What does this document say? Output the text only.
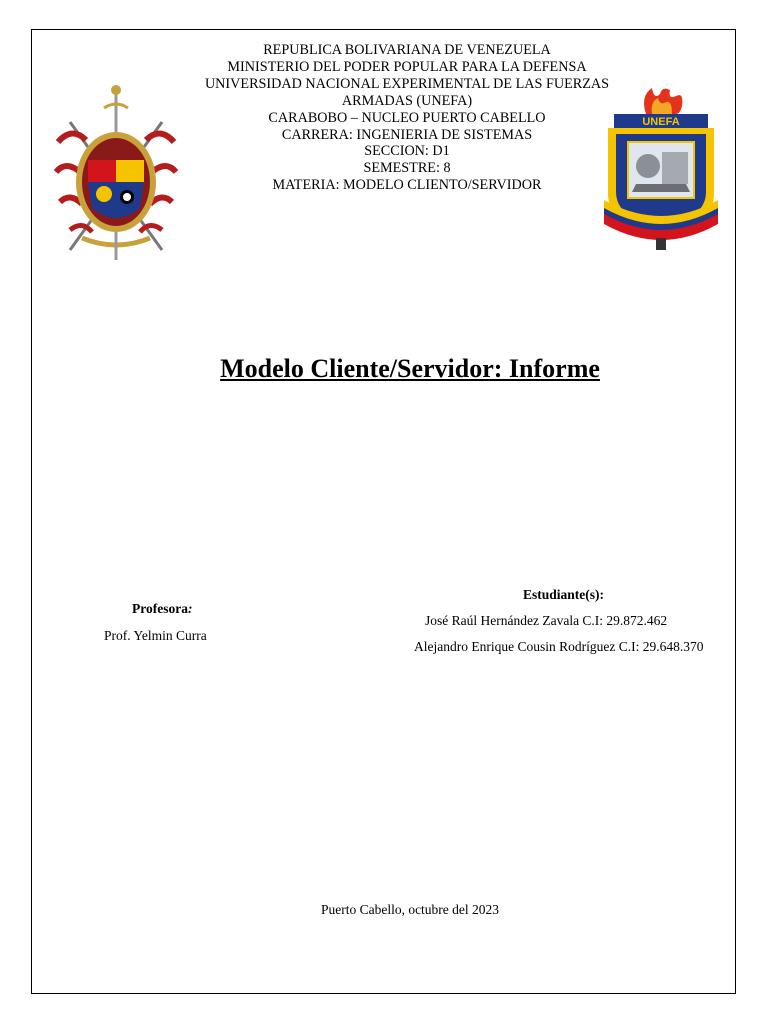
UNEFA
REPUBLICA BOLIVARIANA DE VENEZUELA
MINISTERIO DEL PODER POPULAR PARA LA DEFENSA
UNIVERSIDAD NACIONAL EXPERIMENTAL DE LAS FUERZAS
ARMADAS (UNEFA)
CARABOBO – NUCLEO PUERTO CABELLO
CARRERA: INGENIERIA DE SISTEMAS
SECCION: D1
SEMESTRE: 8
MATERIA: MODELO CLIENTO/SERVIDOR
Modelo Cliente/Servidor: Informe
Estudiante(s):
José Raúl Hernández Zavala C.I: 29.872.462
Alejandro Enrique Cousin Rodríguez C.I: 29.648.370
Profesora:
Prof. Yelmin Curra
Puerto Cabello, octubre del 2023
